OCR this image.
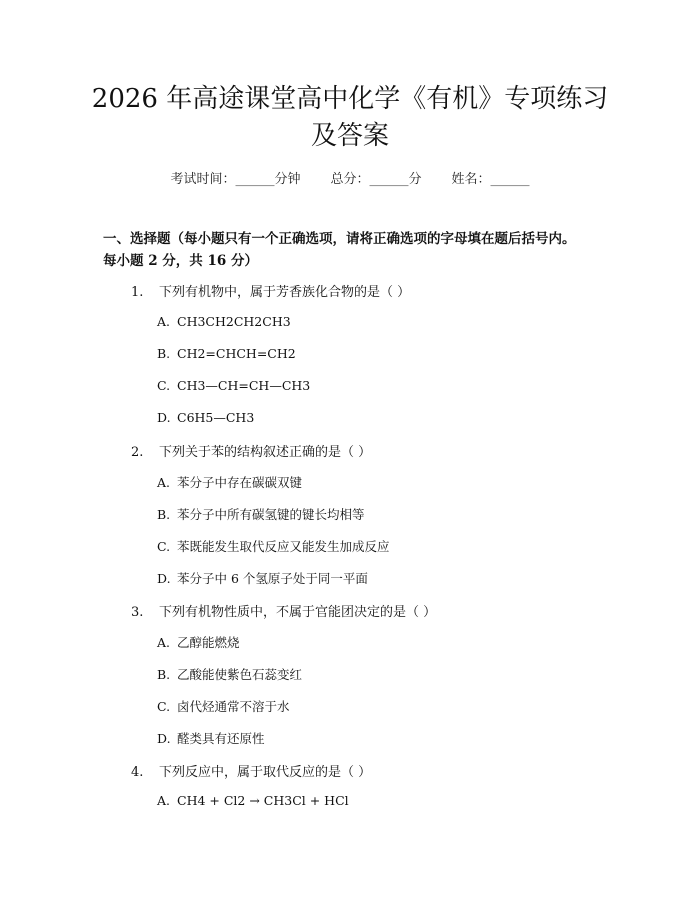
2026 年高途课堂高中化学《有机》专项练习
及答案
考试时间：______分钟 总分：______分 姓名：______
一、选择题（每小题只有一个正确选项，请将正确选项的字母填在题后括号内。
每小题 2 分，共 16 分）
1. 下列有机物中，属于芳香族化合物的是（ ）
A. CH3CH2CH2CH3
B. CH2=CHCH=CH2
C. CH3—CH=CH—CH3
D. C6H5—CH3
2. 下列关于苯的结构叙述正确的是（ ）
A. 苯分子中存在碳碳双键
B. 苯分子中所有碳氢键的键长均相等
C. 苯既能发生取代反应又能发生加成反应
D. 苯分子中 6 个氢原子处于同一平面
3. 下列有机物性质中，不属于官能团决定的是（ ）
A. 乙醇能燃烧
B. 乙酸能使紫色石蕊变红
C. 卤代烃通常不溶于水
D. 醛类具有还原性
4. 下列反应中，属于取代反应的是（ ）
A. CH4 + Cl2 → CH3Cl + HCl
